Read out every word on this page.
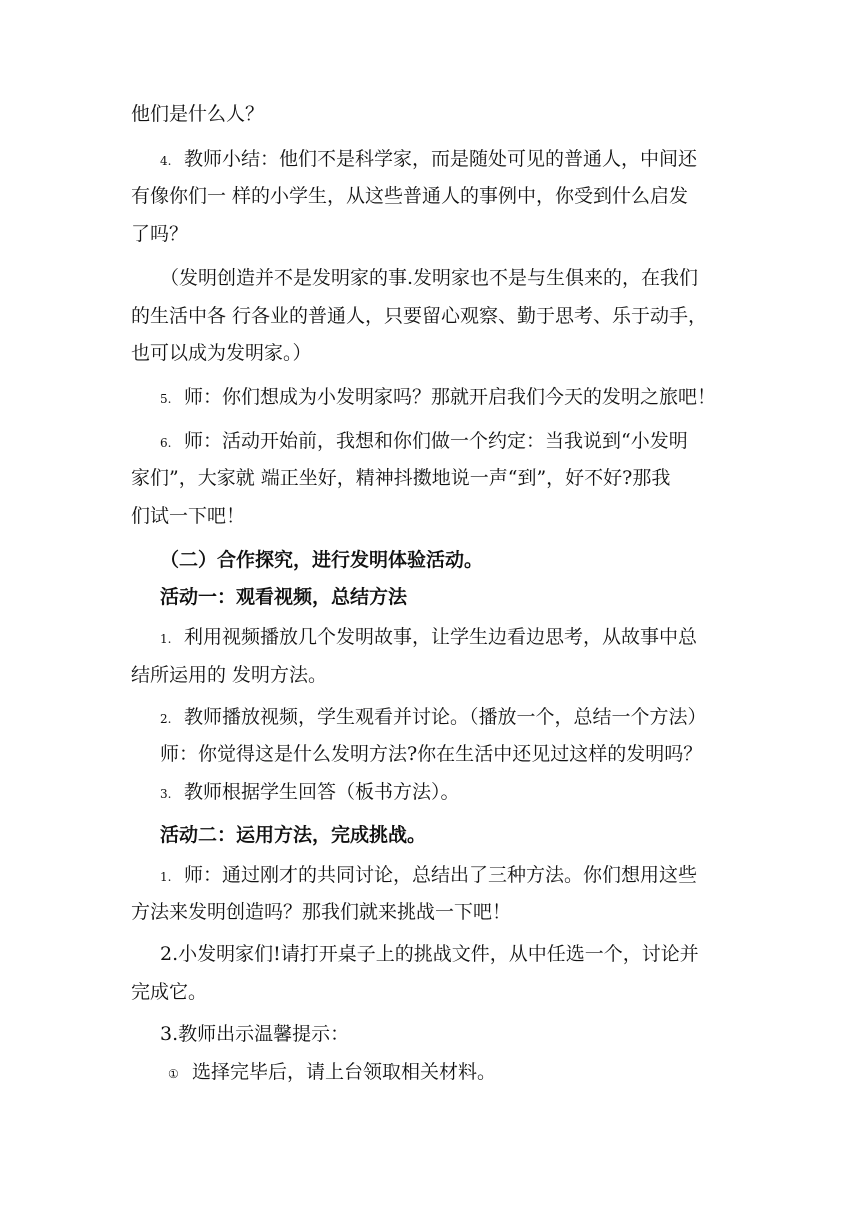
他们是什么人？
4. 教师小结：他们不是科学家，而是随处可见的普通人，中间还
有像你们一 样的小学生，从这些普通人的事例中，你受到什么启发
了吗？
（发明创造并不是发明家的事.发明家也不是与生俱来的，在我们
的生活中各 行各业的普通人，只要留心观察、勤于思考、乐于动手，
也可以成为发明家。）
5. 师：你们想成为小发明家吗？那就开启我们今天的发明之旅吧！
6. 师：活动开始前，我想和你们做一个约定：当我说到“小发明
家们”，大家就 端正坐好，精神抖擞地说一声“到”，好不好?那我
们试一下吧！
（二）合作探究，进行发明体验活动。
活动一：观看视频，总结方法
1. 利用视频播放几个发明故事，让学生边看边思考，从故事中总
结所运用的 发明方法。
2. 教师播放视频，学生观看并讨论。（播放一个，总结一个方法）
师：你觉得这是什么发明方法?你在生活中还见过这样的发明吗？
3. 教师根据学生回答（板书方法）。
活动二：运用方法，完成挑战。
1. 师：通过刚才的共同讨论，总结出了三种方法。你们想用这些
方法来发明创造吗？那我们就来挑战一下吧！
2.小发明家们!请打开桌子上的挑战文件，从中任选一个，讨论并
完成它。
3.教师出示温馨提示：
① 选择完毕后，请上台领取相关材料。
